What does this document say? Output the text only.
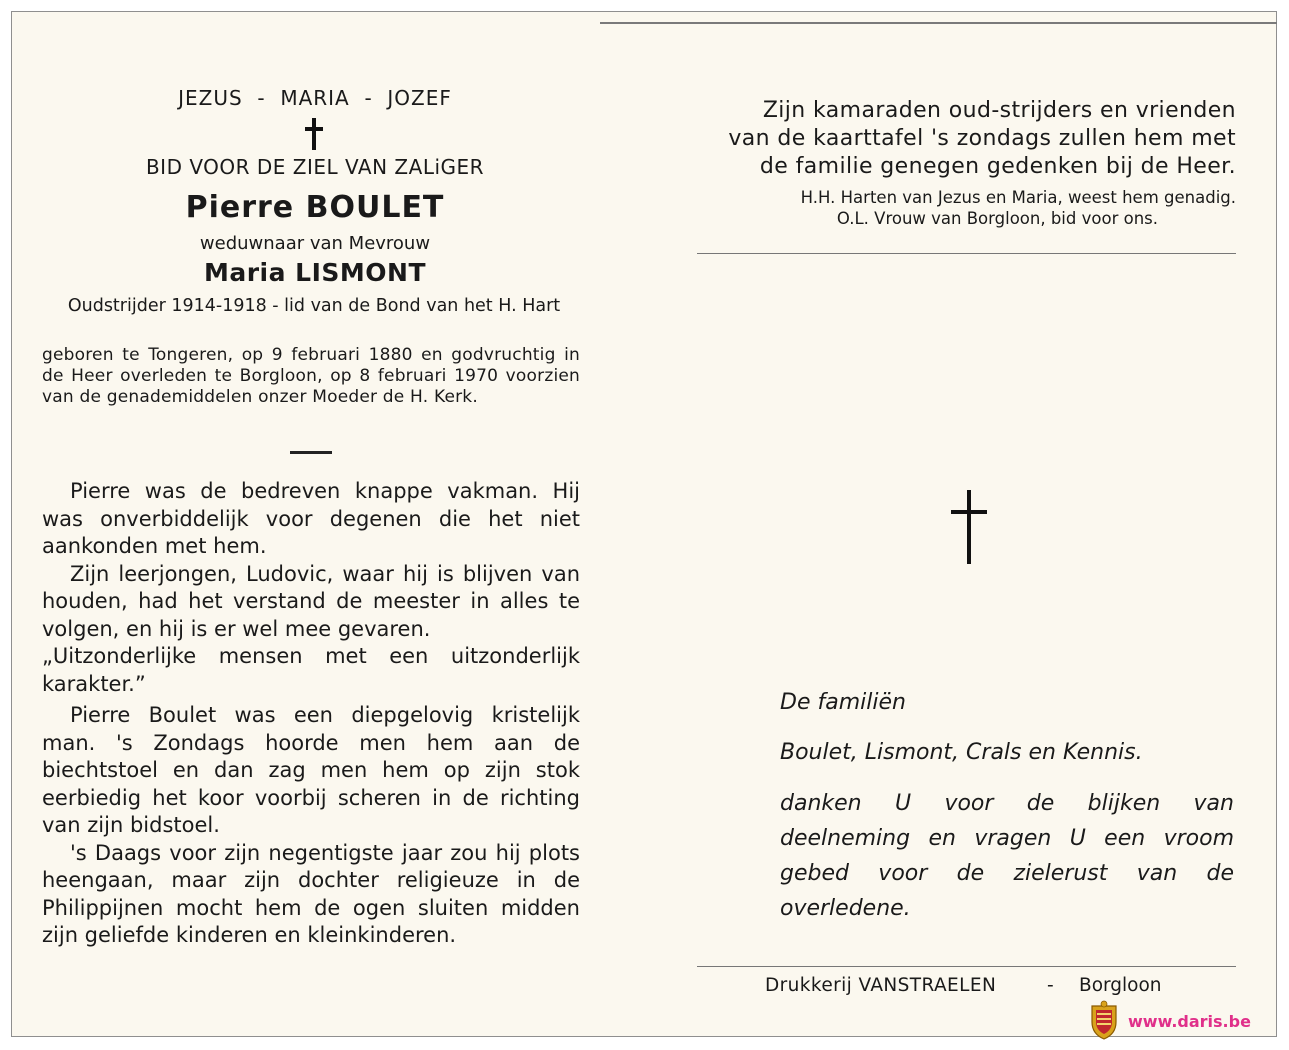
JEZUS  -  MARIA  -  JOZEF
BID VOOR DE ZIEL VAN ZALiGER
Pierre BOULET
weduwnaar van Mevrouw
Maria LISMONT
Oudstrijder 1914-1918 - lid van de Bond van het H. Hart
geboren te Tongeren, op 9 februari 1880 en godvruchtig in de Heer overleden te Borgloon, op 8 februari 1970 voorzien van de genademiddelen onzer Moeder de H. Kerk.

Pierre was de bedreven knappe vakman. Hij was onverbiddelijk voor degenen die het niet aankonden met hem.

Zijn leerjongen, Ludovic, waar hij is blijven van houden, had het verstand de meester in alles te volgen, en hij is er wel mee gevaren.

„Uitzonderlijke mensen met een uitzonderlijk karakter.”

Pierre Boulet was een diepgelovig kristelijk man. 's Zondags hoorde men hem aan de biechtstoel en dan zag men hem op zijn stok eerbiedig het koor voorbij scheren in de richting van zijn bidstoel.

's Daags voor zijn negentigste jaar zou hij plots heengaan, maar zijn dochter religieuze in de Philippijnen mocht hem de ogen sluiten midden zijn geliefde kinderen en kleinkinderen.

Zijn kamaraden oud-strijders en vrienden
van de kaarttafel 's zondags zullen hem met
de familie genegen gedenken bij de Heer.
H.H. Harten van Jezus en Maria, weest hem genadig.
O.L. Vrouw van Borgloon, bid voor ons.
De familiën
Boulet, Lismont, Crals en Kennis.

danken U voor de blijken van deelneming en vragen U een vroom gebed voor de zielerust van de overledene.

Drukkerij VANSTRAELEN	- Borgloon
www.daris.be
